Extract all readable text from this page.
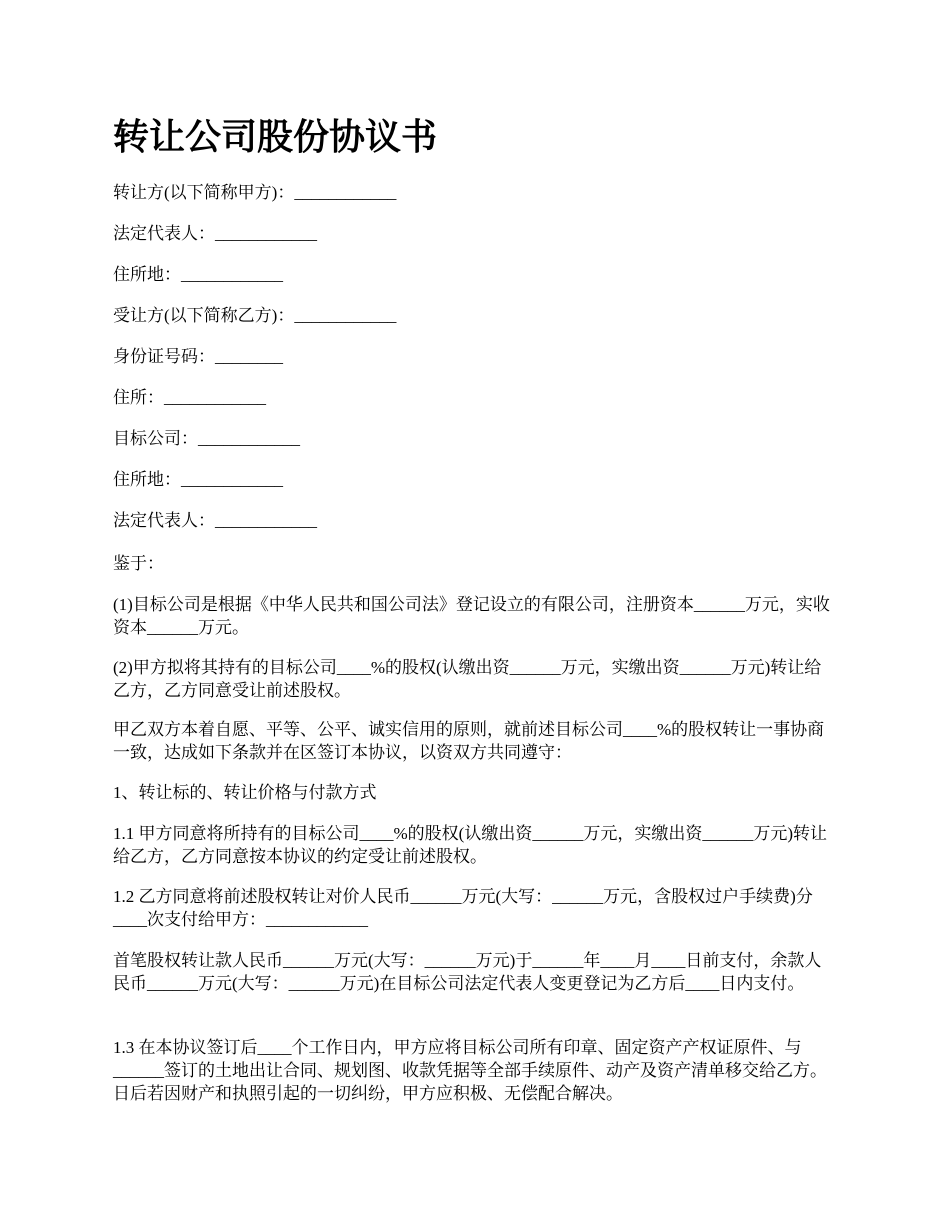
转让公司股份协议书

转让方(以下简称甲方)：____________

法定代表人：____________

住所地：____________

受让方(以下简称乙方)：____________

身份证号码：________

住所：____________

目标公司：____________

住所地：____________

法定代表人：____________

鉴于：

(1)目标公司是根据《中华人民共和国公司法》登记设立的有限公司，注册资本______万元，实收资本______万元。

(2)甲方拟将其持有的目标公司____%的股权(认缴出资______万元，实缴出资______万元)转让给乙方，乙方同意受让前述股权。

甲乙双方本着自愿、平等、公平、诚实信用的原则，就前述目标公司____%的股权转让一事协商一致，达成如下条款并在区签订本协议，以资双方共同遵守：

1、转让标的、转让价格与付款方式

1.1 甲方同意将所持有的目标公司____%的股权(认缴出资______万元，实缴出资______万元)转让给乙方，乙方同意按本协议的约定受让前述股权。

1.2 乙方同意将前述股权转让对价人民币______万元(大写：______万元，含股权过户手续费)分____次支付给甲方：____________

首笔股权转让款人民币______万元(大写：______万元)于______年____月____日前支付，余款人民币______万元(大写：______万元)在目标公司法定代表人变更登记为乙方后____日内支付。

1.3 在本协议签订后____个工作日内，甲方应将目标公司所有印章、固定资产产权证原件、与______签订的土地出让合同、规划图、收款凭据等全部手续原件、动产及资产清单移交给乙方。日后若因财产和执照引起的一切纠纷，甲方应积极、无偿配合解决。
